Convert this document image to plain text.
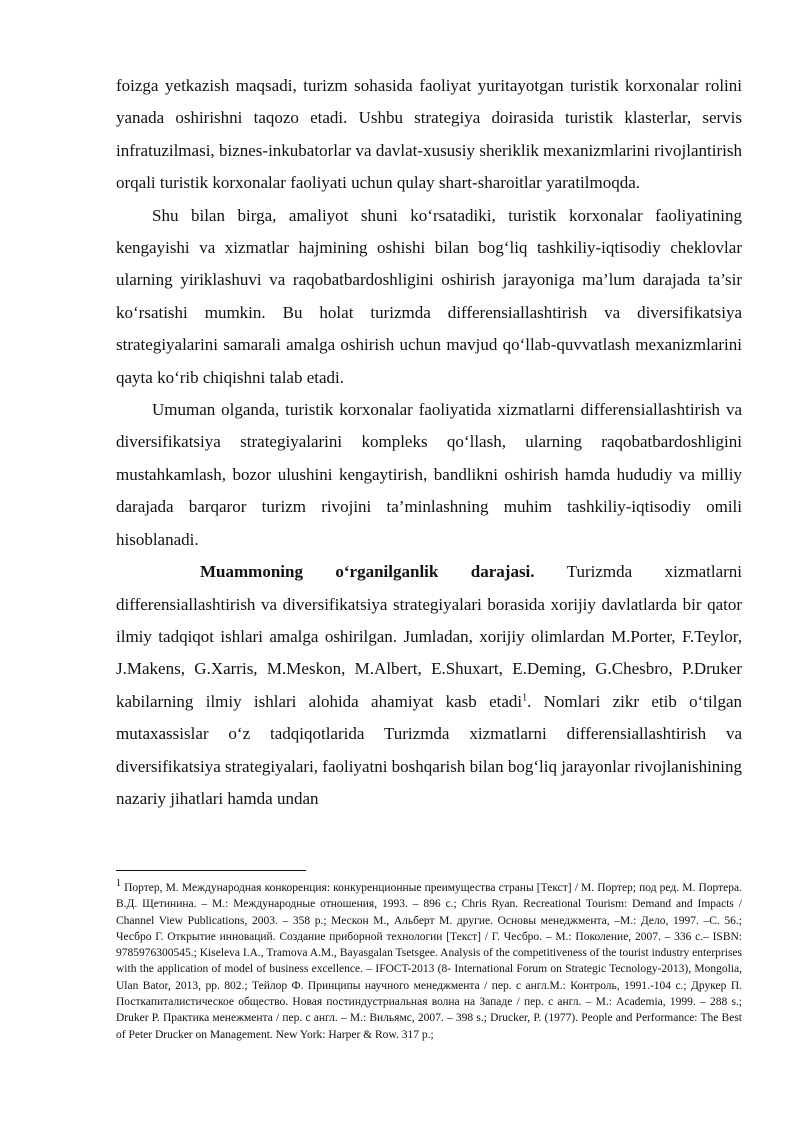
foizga yetkazish maqsadi, turizm sohasida faoliyat yuritayotgan turistik korxonalar rolini yanada oshirishni taqozo etadi. Ushbu strategiya doirasida turistik klasterlar, servis infratuzilmasi, biznes-inkubatorlar va davlat-xususiy sheriklik mexanizmlarini rivojlantirish orqali turistik korxonalar faoliyati uchun qulay shart-sharoitlar yaratilmoqda.

Shu bilan birga, amaliyot shuni ko‘rsatadiki, turistik korxonalar faoliyatining kengayishi va xizmatlar hajmining oshishi bilan bog‘liq tashkiliy-iqtisodiy cheklovlar ularning yiriklashuvi va raqobatbardoshligini oshirish jarayoniga ma’lum darajada ta’sir ko‘rsatishi mumkin. Bu holat turizmda differensiallashtirish va diversifikatsiya strategiyalarini samarali amalga oshirish uchun mavjud qo‘llab-quvvatlash mexanizmlarini qayta ko‘rib chiqishni talab etadi.

Umuman olganda, turistik korxonalar faoliyatida xizmatlarni differensiallashtirish va diversifikatsiya strategiyalarini kompleks qo‘llash, ularning raqobatbardoshligini mustahkamlash, bozor ulushini kengaytirish, bandlikni oshirish hamda hududiy va milliy darajada barqaror turizm rivojini ta’minlashning muhim tashkiliy-iqtisodiy omili hisoblanadi.

Muammoning o‘rganilganlik darajasi. Turizmda xizmatlarni differensiallashtirish va diversifikatsiya strategiyalari borasida xorijiy davlatlarda bir qator ilmiy tadqiqot ishlari amalga oshirilgan. Jumladan, xorijiy olimlardan M.Porter, F.Teylor, J.Makens, G.Xarris, M.Meskon, M.Albert, E.Shuxart, E.Deming, G.Chesbro, P.Druker kabilarning ilmiy ishlari alohida ahamiyat kasb etadi$^1$. Nomlari zikr etib o‘tilgan mutaxassislar o‘z tadqiqotlarida Turizmda xizmatlarni differensiallashtirish va diversifikatsiya strategiyalari, faoliyatni boshqarish bilan bog‘liq jarayonlar rivojlanishining nazariy jihatlari hamda undan

$^1$ Портер, М. Международная конкоренция: конкуренционные преимущества страны [Текст] / М. Портер; под ред. М. Портера. В.Д. Щетинина. – М.: Международные отношения, 1993. – 896 с.; Chris Ryan. Recreational Tourism: Demand and Impacts / Channel View Publications, 2003. – 358 p.; Мескон М., Альберт М. другие. Основы менеджмента, –М.: Дело, 1997. –С. 56.; Чесбро Г. Открытие инноваций. Создание приборной технологии [Текст] / Г. Чесбро. – М.: Поколение, 2007. – 336 с.– ISBN: 9785976300545.; Kiseleva I.A., Tramova A.M., Bayasgalan Tsetsgee. Analysis of the competitiveness of the tourist industry enterprises with the application of model of business excellence. – IFOCT-2013 (8- International Forum on Strategic Tecnology-2013), Mongolia, Ulan Bator, 2013, pp. 802.; Тейлор Ф. Принципы научного менеджмента / пер. с англ.М.: Контроль, 1991.-104 с.; Друкер П. Посткапиталистическое общество. Новая постиндустриальная волна на Западе / пер. с англ. – М.: Academia, 1999. – 288 s.; Druker P. Практика менежмента / пер. с англ. – М.: Вильямс, 2007. – 398 s.; Drucker, P. (1977). People and Performance: The Best of Peter Drucker on Management. New York: Harper & Row. 317 p.;
